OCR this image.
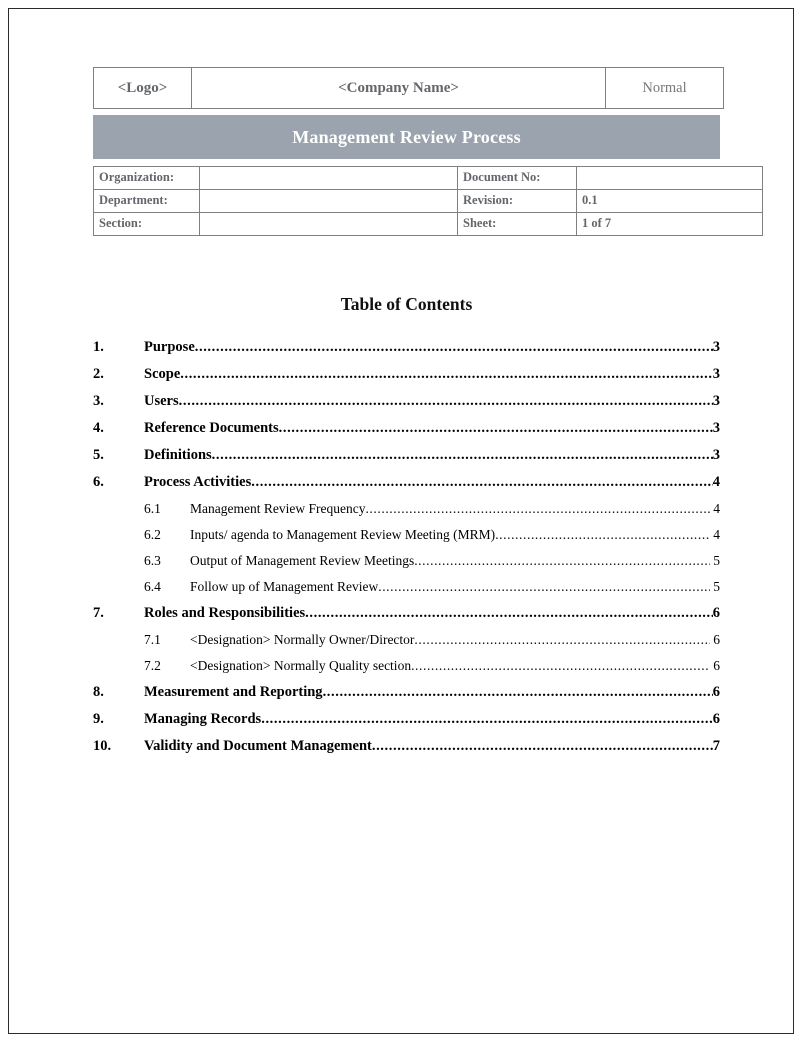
<Logo>	<Company Name>	Normal
Management Review Process
Organization:		Document No:	
Department:		Revision:	0.1
Section:		Sheet:	1 of 7
Table of Contents
1.	Purpose .....	3
2.	Scope .....	3
3.	Users .....	3
4.	Reference Documents .....	3
5.	Definitions .....	3
6.	Process Activities .....	4
6.1	Management Review Frequency .....	4
6.2	Inputs/ agenda to Management Review Meeting (MRM) .....	4
6.3	Output of Management Review Meetings .....	5
6.4	Follow up of Management Review .....	5
7.	Roles and Responsibilities .....	6
7.1	<Designation> Normally Owner/Director .....	6
7.2	<Designation> Normally Quality section .....	6
8.	Measurement and Reporting .....	6
9.	Managing Records .....	6
10.	Validity and Document Management .....	7
